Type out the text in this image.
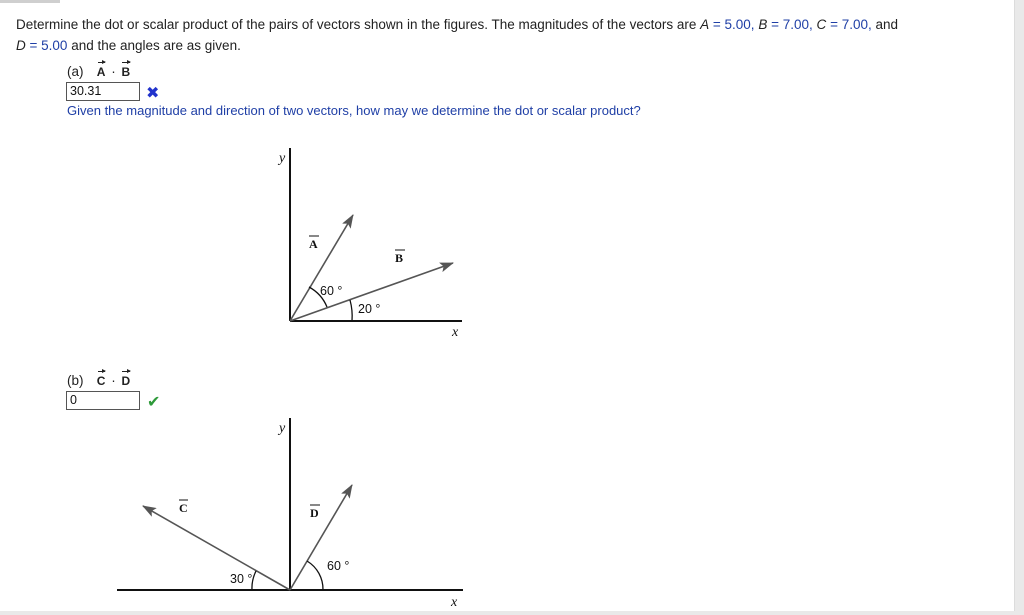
Determine the dot or scalar product of the pairs of vectors shown in the figures. The magnitudes of the vectors are A = 5.00, B = 7.00, C = 7.00, and
D = 5.00 and the angles are as given.
(a) A · B
30.31	✖
Given the magnitude and direction of two vectors, how may we determine the dot or scalar product?
(b) C · D
0	✔
y
x
A
B
60 °
20 °
y
x
C	D
30 °
60 °
